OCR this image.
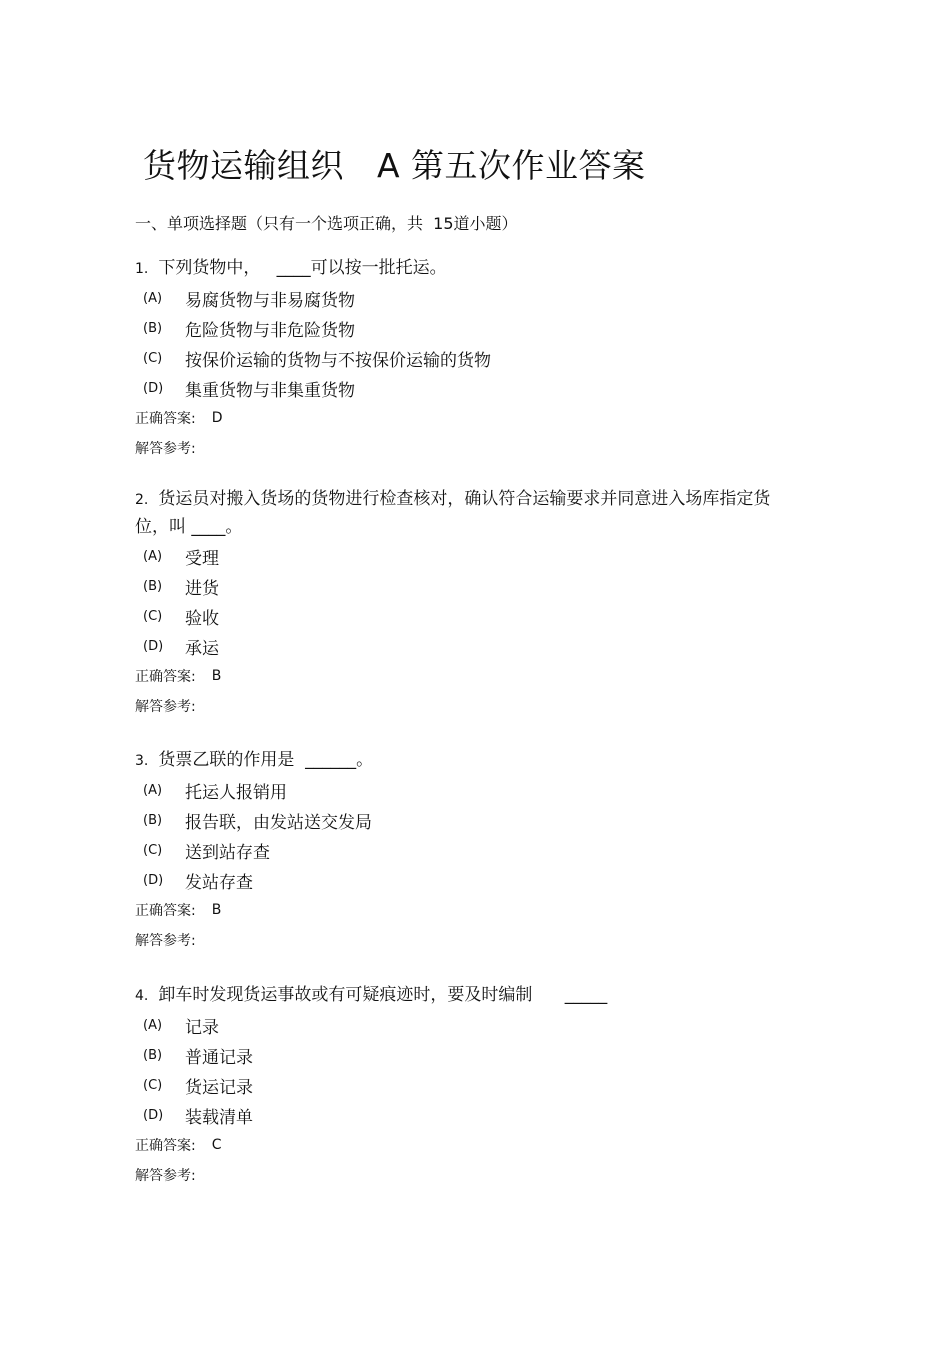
货物运输组织   A 第五次作业答案
一、单项选择题（只有一个选项正确，共  15道小题）

1. 下列货物中，   ____可以按一批托运。

(A)	易腐货物与非易腐货物
(B)	危险货物与非危险货物
(C)	按保价运输的货物与不按保价运输的货物
(D)	集重货物与非集重货物
正确答案: D
解答参考:

2. 货运员对搬入货场的货物进行检查核对，确认符合运输要求并同意进入场库指定货位，叫 ____。

(A)	受理
(B)	进货
(C)	验收
(D)	承运
正确答案: B
解答参考:

3. 货票乙联的作用是  ______。

(A)	托运人报销用
(B)	报告联，由发站送交发局
(C)	送到站存查
(D)	发站存查
正确答案: B
解答参考:

4. 卸车时发现货运事故或有可疑痕迹时，要及时编制      _____

(A)	记录
(B)	普通记录
(C)	货运记录
(D)	装载清单
正确答案: C
解答参考:
